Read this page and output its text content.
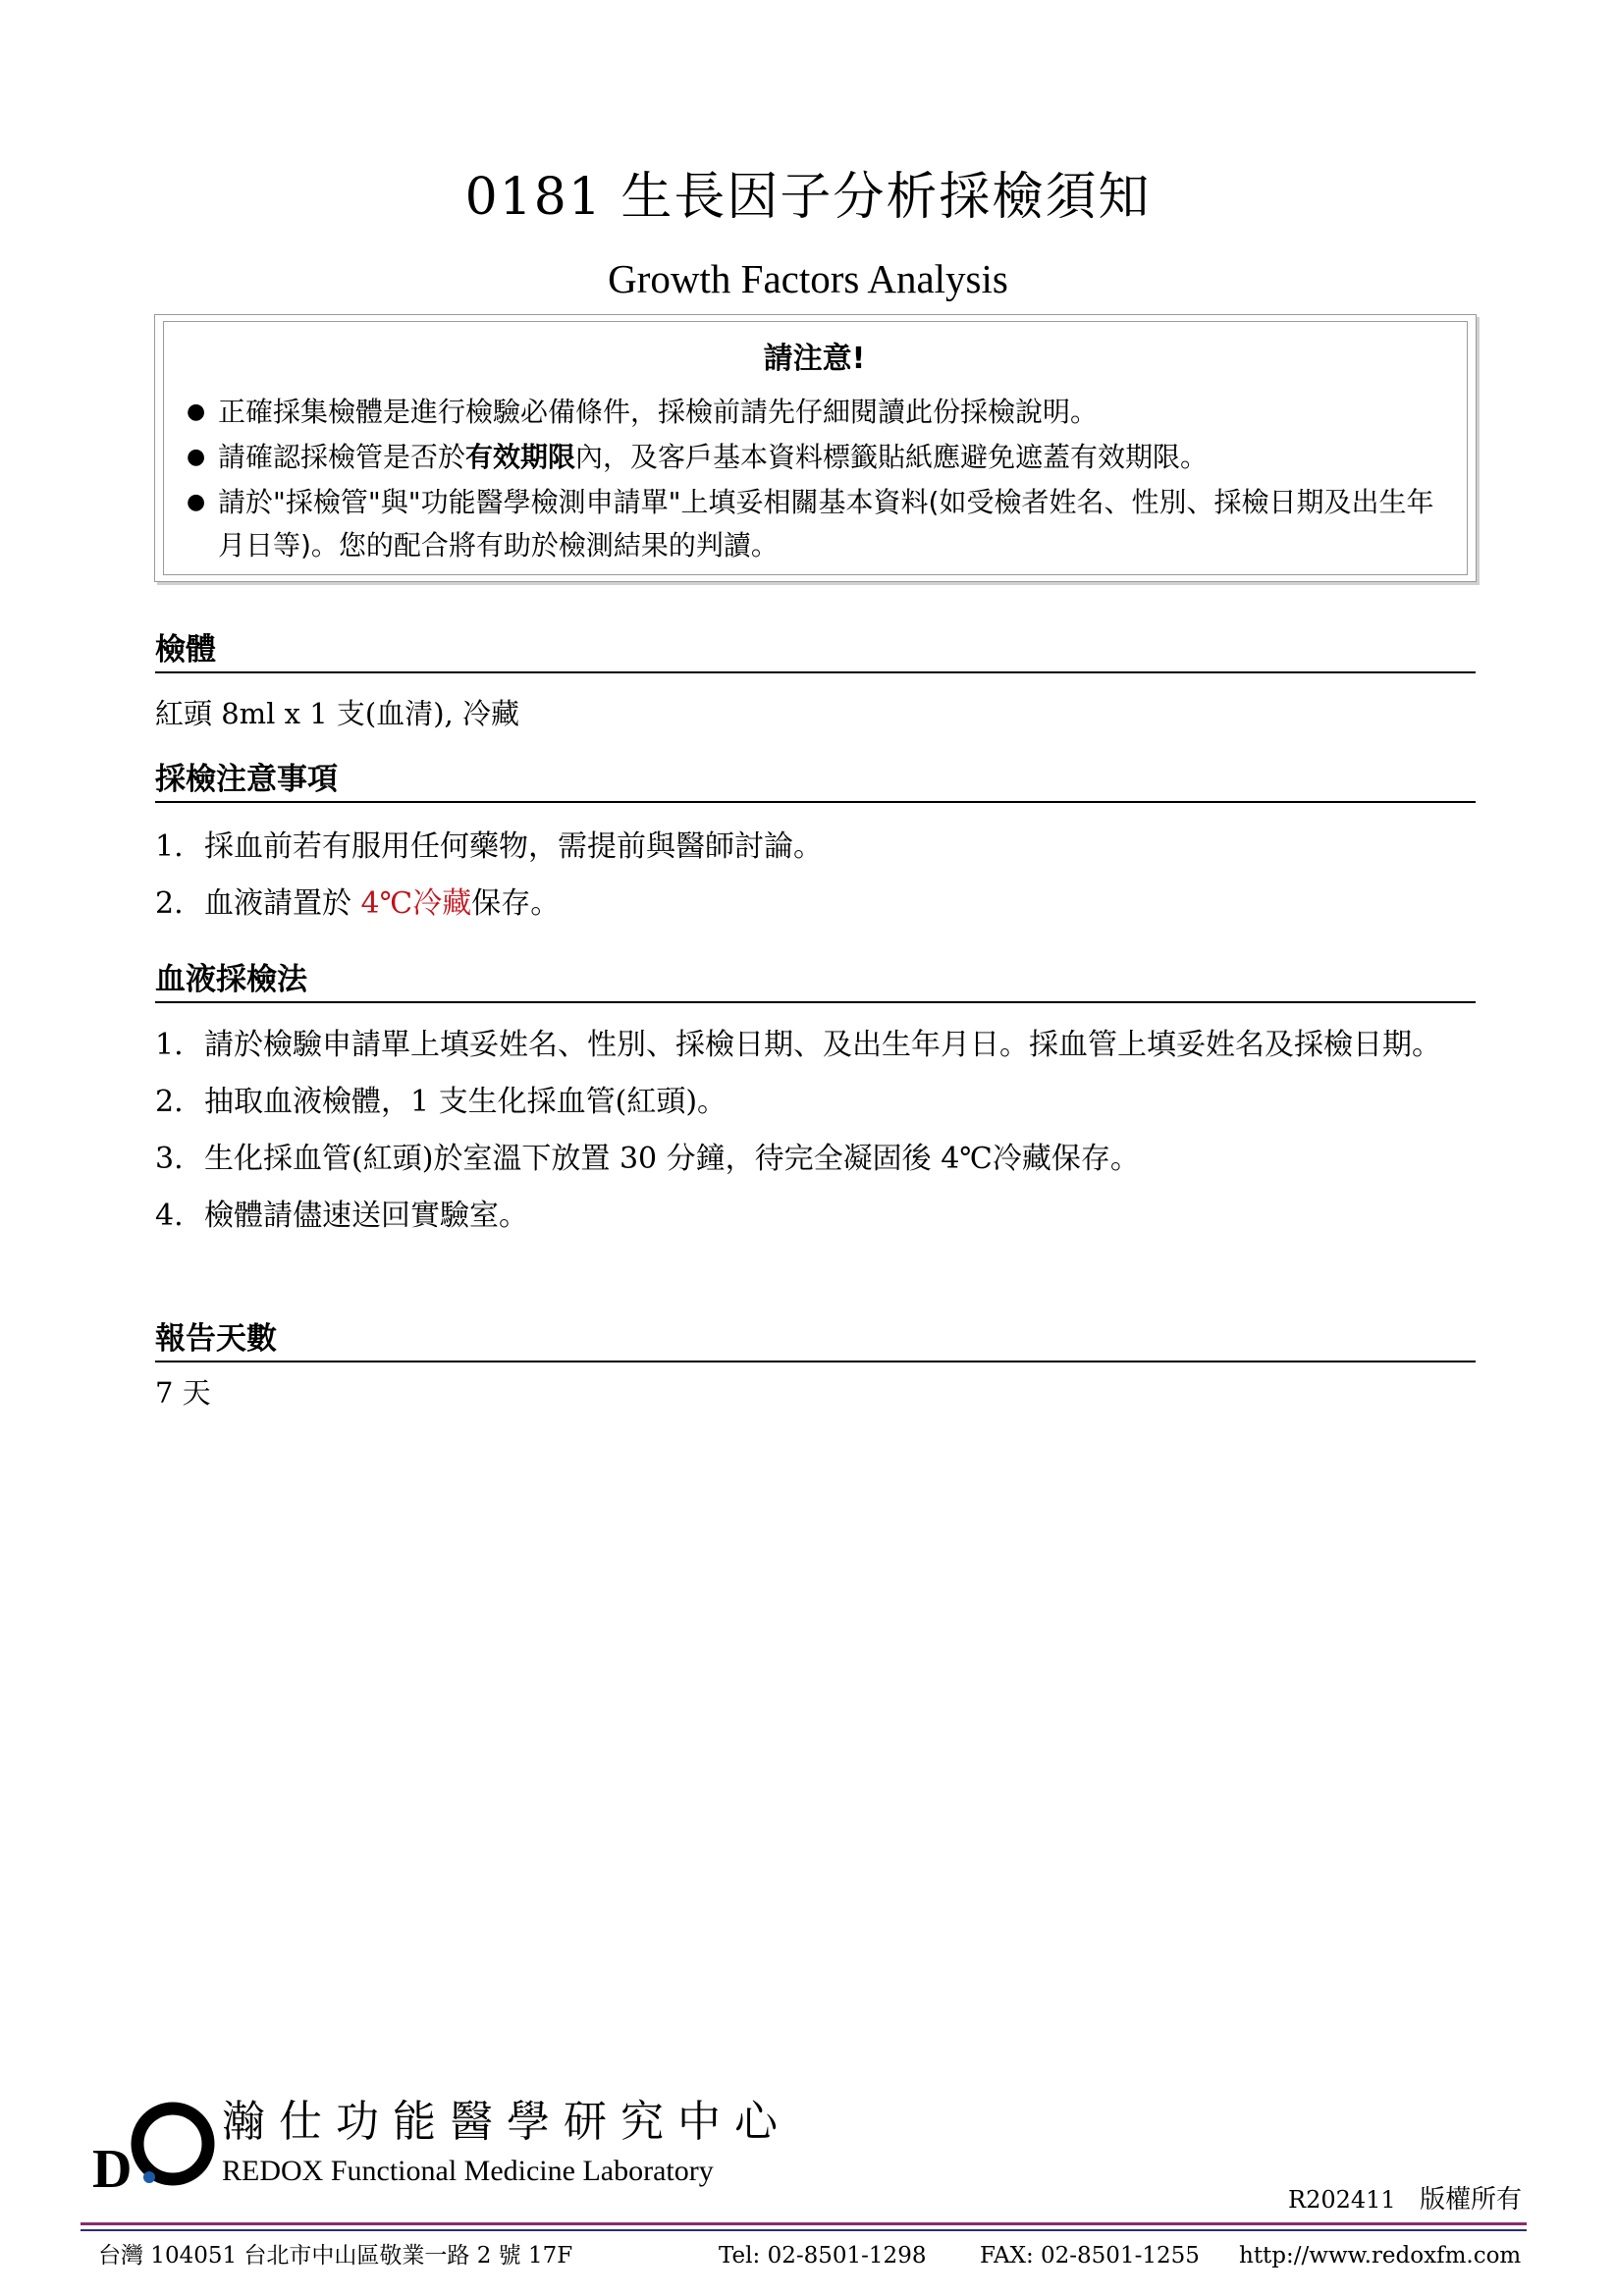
0181 生長因子分析採檢須知
Growth Factors Analysis
請注意!
● 正確採集檢體是進行檢驗必備條件，採檢前請先仔細閱讀此份採檢說明。
● 請確認採檢管是否於有效期限內，及客戶基本資料標籤貼紙應避免遮蓋有效期限。
● 請於"採檢管"與"功能醫學檢測申請單"上填妥相關基本資料(如受檢者姓名、性別、採檢日期及出生年月日等)。您的配合將有助於檢測結果的判讀。
檢體
紅頭 8ml x 1 支(血清), 冷藏
採檢注意事項
1. 採血前若有服用任何藥物，需提前與醫師討論。
2. 血液請置於 4℃冷藏保存。
血液採檢法
1. 請於檢驗申請單上填妥姓名、性別、採檢日期、及出生年月日。採血管上填妥姓名及採檢日期。
2. 抽取血液檢體，1 支生化採血管(紅頭)。
3. 生化採血管(紅頭)於室溫下放置 30 分鐘，待完全凝固後 4℃冷藏保存。
4. 檢體請儘速送回實驗室。
報告天數
7 天
D
瀚仕功能醫學研究中心
REDOX Functional Medicine Laboratory
R202411 版權所有
台灣 104051 台北市中山區敬業一路 2 號 17F	Tel: 02-8501-1298 FAX: 02-8501-1255 http://www.redoxfm.com
